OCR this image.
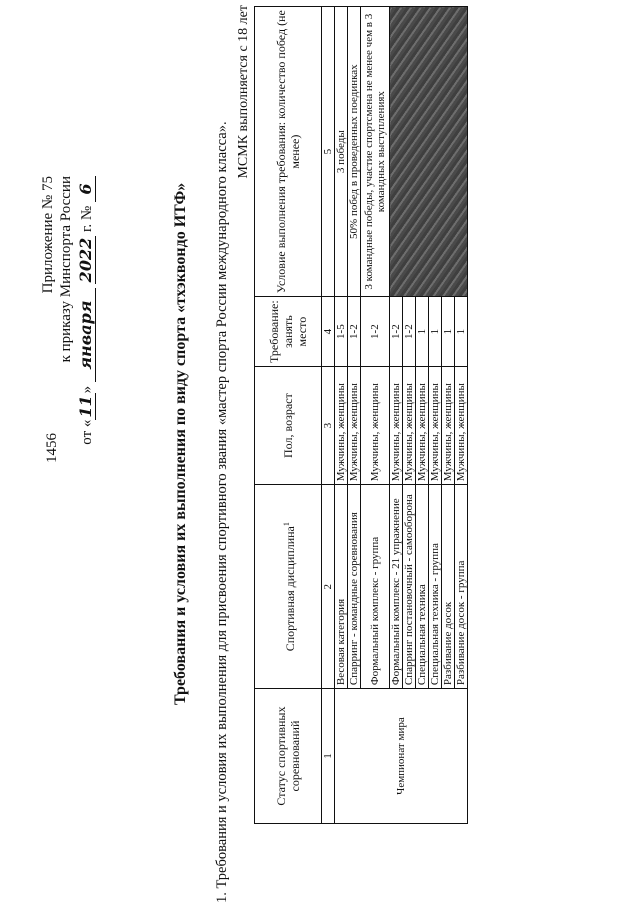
1456
Приложение № 75 к приказу Минспорта России
от «11» января 2022 г. № 6	Требования и условия их выполнения по виду спорта «тхэквондо ИТФ» 1. Требования и условия их выполнения для присвоения спортивного звания «мастер спорта России международного класса».
МСМК выполняется с 18 лет
Статус спортивных соревнований	Спортивная дисциплина$^1$	Пол, возраст	Требование: занять место	Условие выполнения требования: количество побед (не менее)
1	2	3	4	5
Чемпионат мира	Весовая категория	Мужчины, женщины	1-5	3 победы
	Спарринг - командные соревнования	Мужчины, женщины	1-2	50% побед в проведенных поединках
	Формальный комплекс - группа	Мужчины, женщины	1-2	3 командные победы, участие спортсмена не менее чем в 3 командных выступлениях
	Формальный комплекс - 21 упражнение	Мужчины, женщины	1-2	
	Спарринг постановочный - самооборона	Мужчины, женщины	1-2	
	Специальная техника	Мужчины, женщины	1	
	Специальная техника - группа	Мужчины, женщины	1	
	Разбивание досок	Мужчины, женщины	1	
	Разбивание досок - группа	Мужчины, женщины	1	
